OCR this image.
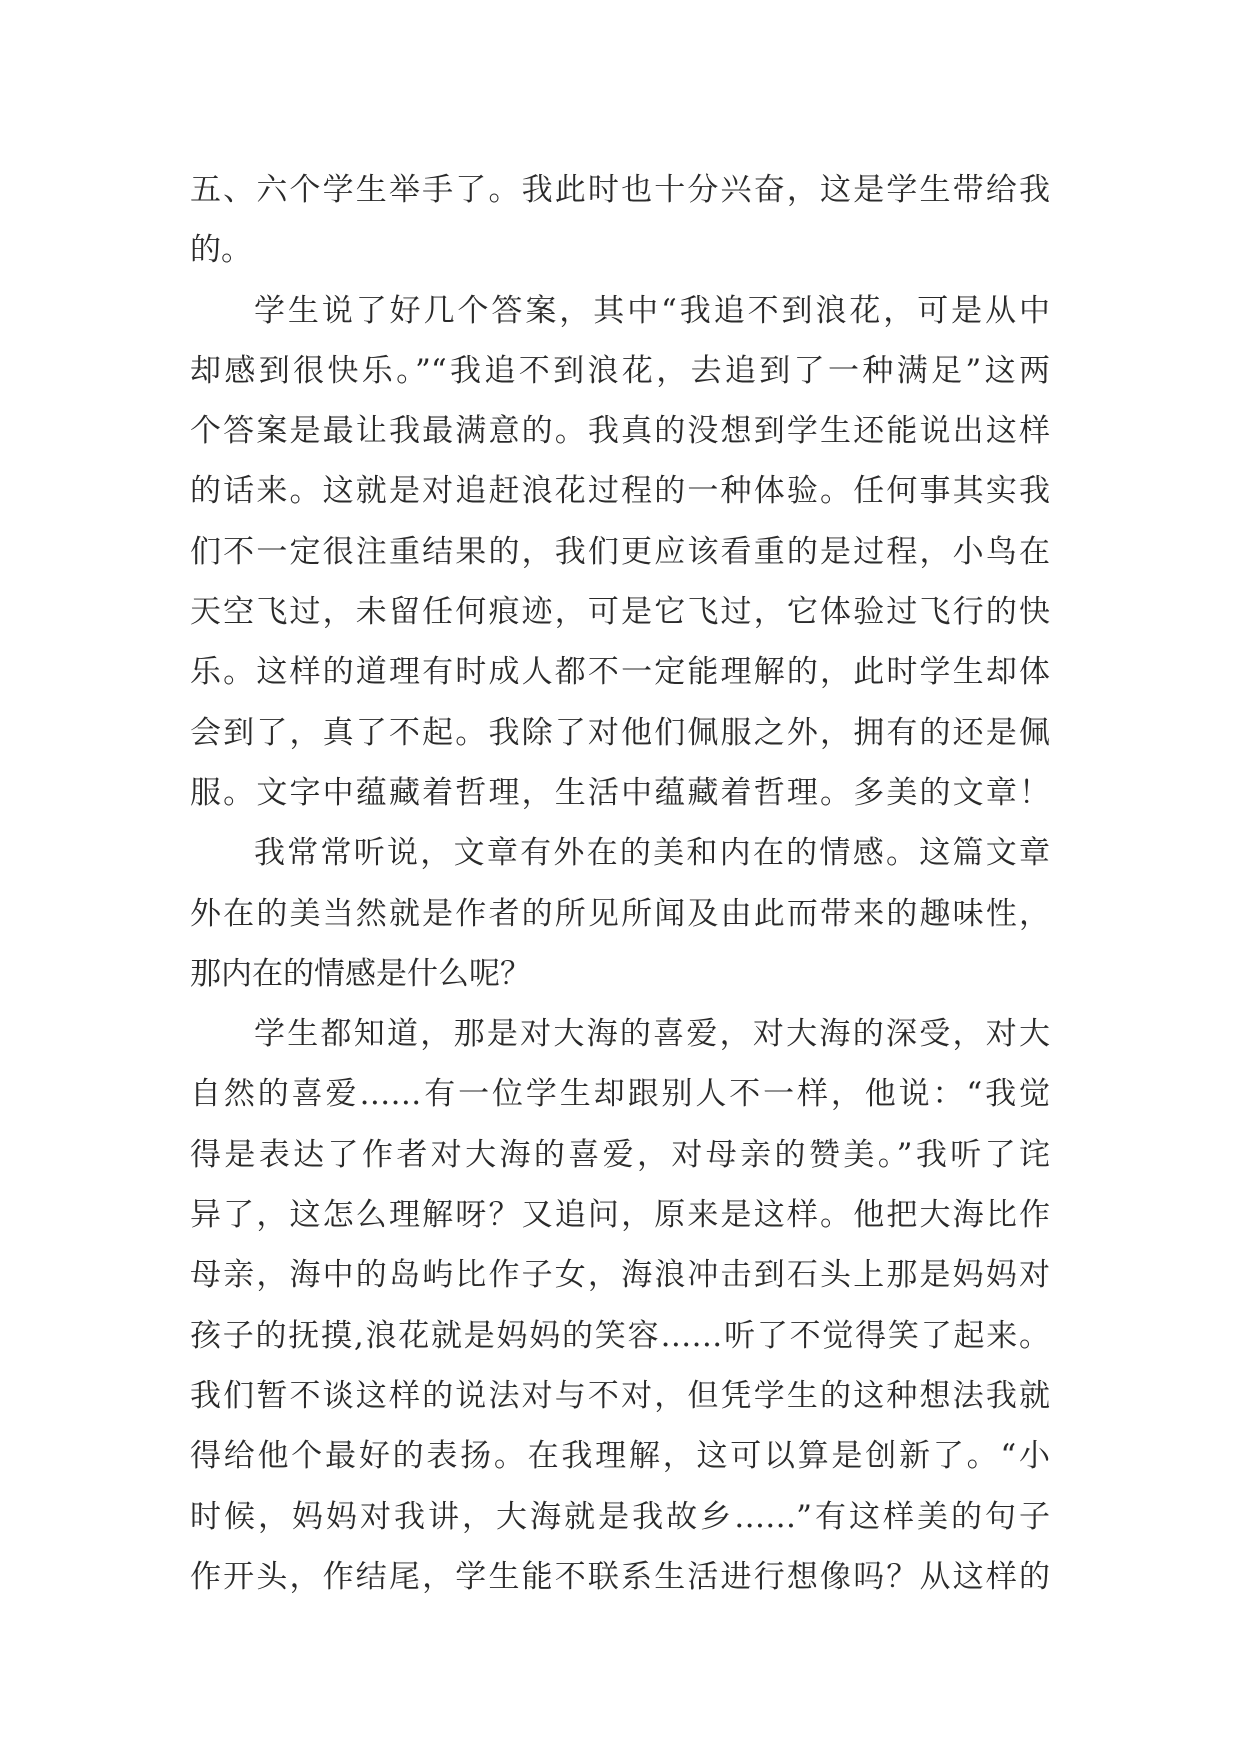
五、六个学生举手了。我此时也十分兴奋，这是学生带给我
的。
学生说了好几个答案，其中“我追不到浪花，可是从中
却感到很快乐。”“我追不到浪花，去追到了一种满足”这两
个答案是最让我最满意的。我真的没想到学生还能说出这样
的话来。这就是对追赶浪花过程的一种体验。任何事其实我
们不一定很注重结果的，我们更应该看重的是过程，小鸟在
天空飞过，未留任何痕迹，可是它飞过，它体验过飞行的快
乐。这样的道理有时成人都不一定能理解的，此时学生却体
会到了，真了不起。我除了对他们佩服之外，拥有的还是佩
服。文字中蕴藏着哲理，生活中蕴藏着哲理。多美的文章！
我常常听说，文章有外在的美和内在的情感。这篇文章
外在的美当然就是作者的所见所闻及由此而带来的趣味性，
那内在的情感是什么呢？
学生都知道，那是对大海的喜爱，对大海的深受，对大
自然的喜爱……有一位学生却跟别人不一样，他说：“我觉
得是表达了作者对大海的喜爱，对母亲的赞美。”我听了诧
异了，这怎么理解呀？又追问，原来是这样。他把大海比作
母亲，海中的岛屿比作子女，海浪冲击到石头上那是妈妈对
孩子的抚摸,浪花就是妈妈的笑容……听了不觉得笑了起来。
我们暂不谈这样的说法对与不对，但凭学生的这种想法我就
得给他个最好的表扬。在我理解，这可以算是创新了。“小
时候，妈妈对我讲，大海就是我故乡……”有这样美的句子
作开头，作结尾，学生能不联系生活进行想像吗？从这样的
